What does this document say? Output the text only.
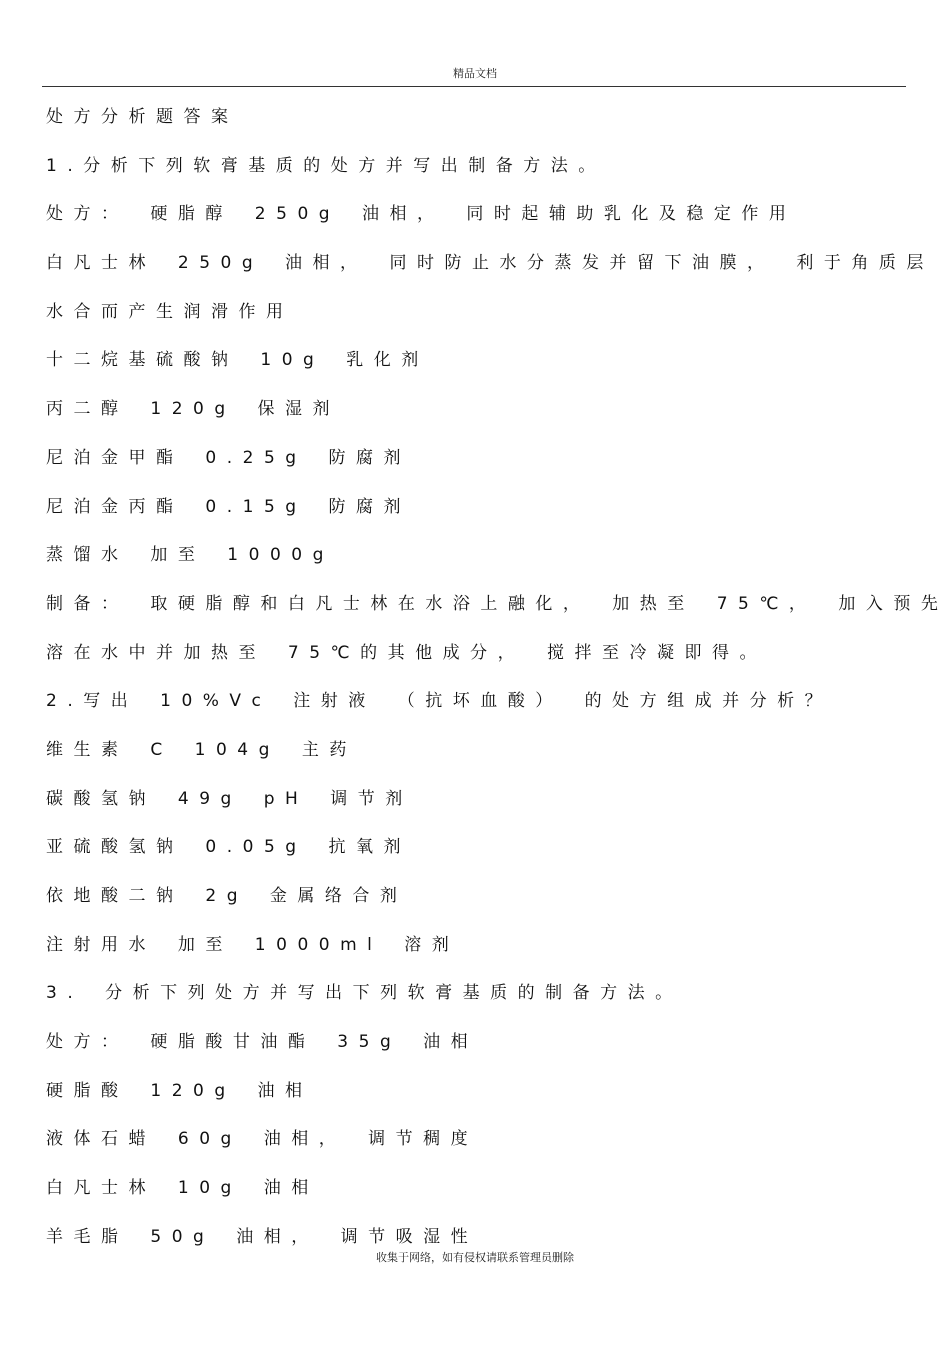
精品文档
处方分析题答案
1.分析下列软膏基质的处方并写出制备方法。
处方： 硬脂醇 250g 油相， 同时起辅助乳化及稳定作用
白凡士林 250g 油相， 同时防止水分蒸发并留下油膜， 利于角质层
水合而产生润滑作用
十二烷基硫酸钠 10g 乳化剂
丙二醇 120g 保湿剂
尼泊金甲酯 0.25g 防腐剂
尼泊金丙酯 0.15g 防腐剂
蒸馏水 加至 1000g
制备： 取硬脂醇和白凡士林在水浴上融化， 加热至 75℃， 加入预先
溶在水中并加热至 75℃的其他成分， 搅拌至冷凝即得。
2.写出 10%Vc 注射液 （抗坏血酸） 的处方组成并分析？
维生素 C 104g 主药
碳酸氢钠 49g pH 调节剂
亚硫酸氢钠 0.05g 抗氧剂
依地酸二钠 2g 金属络合剂
注射用水 加至 1000ml 溶剂
3. 分析下列处方并写出下列软膏基质的制备方法。
处方： 硬脂酸甘油酯 35g 油相
硬脂酸 120g 油相
液体石蜡 60g 油相， 调节稠度
白凡士林 10g 油相
羊毛脂 50g 油相， 调节吸湿性
收集于网络，如有侵权请联系管理员删除
